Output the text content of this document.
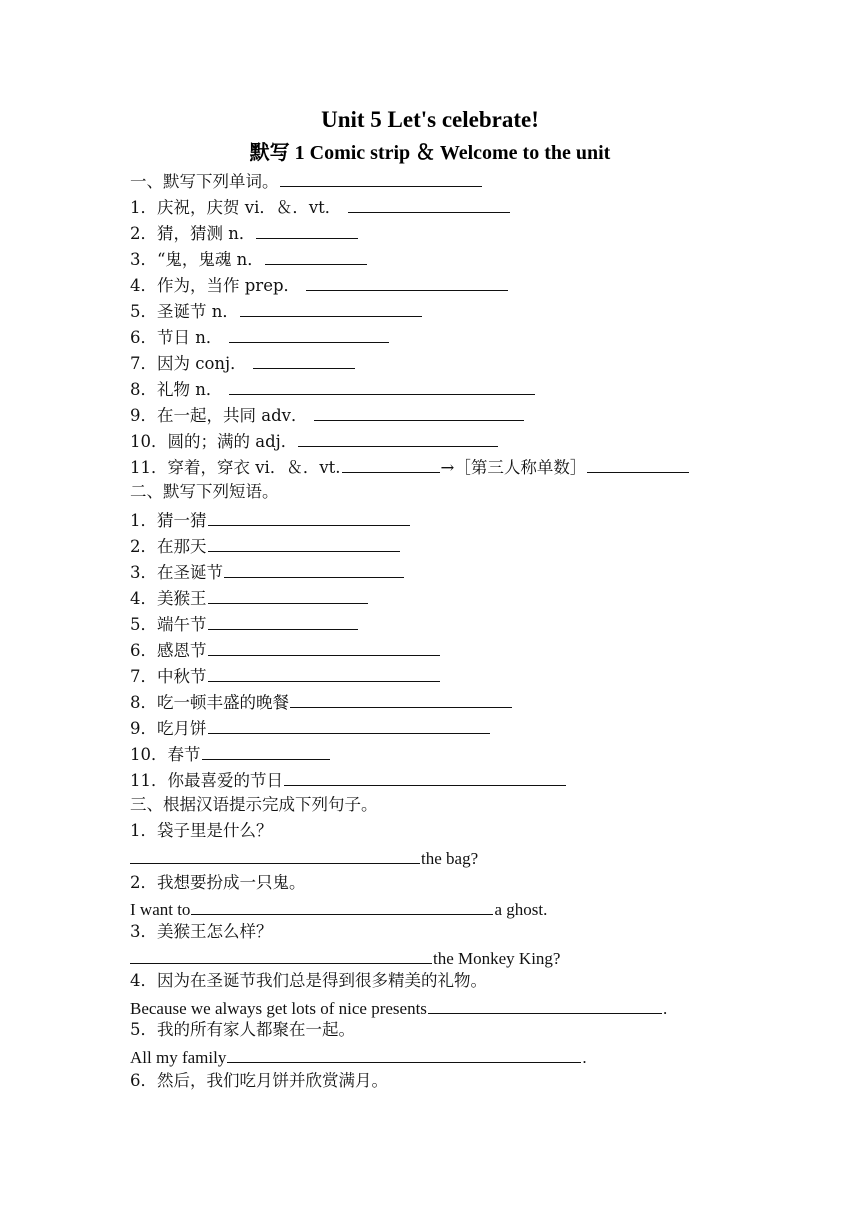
Unit 5 Let's celebrate!
默写 1 Comic strip ＆ Welcome to the unit
一、默写下列单词。
1．庆祝，庆贺 vi．＆．vt．
2．猜，猜测 n．
3．“鬼，鬼魂 n．
4．作为，当作 prep．
5．圣诞节 n．
6．节日 n．
7．因为 conj．
8．礼物 n．
9．在一起，共同 adv．
10．圆的；满的 adj．
11．穿着，穿衣 vi．＆．vt.	→［第三人称单数］
二、默写下列短语。
1．猜一猜
2．在那天
3．在圣诞节
4．美猴王
5．端午节
6．感恩节
7．中秋节
8．吃一顿丰盛的晚餐
9．吃月饼
10．春节
11．你最喜爱的节日
三、根据汉语提示完成下列句子。
1．袋子里是什么？
the bag?
2．我想要扮成一只鬼。
I want to	a ghost.
3．美猴王怎么样？
the Monkey King?
4．因为在圣诞节我们总是得到很多精美的礼物。
Because we always get lots of nice presents	.
5．我的所有家人都聚在一起。
All my family	.
6．然后，我们吃月饼并欣赏满月。
